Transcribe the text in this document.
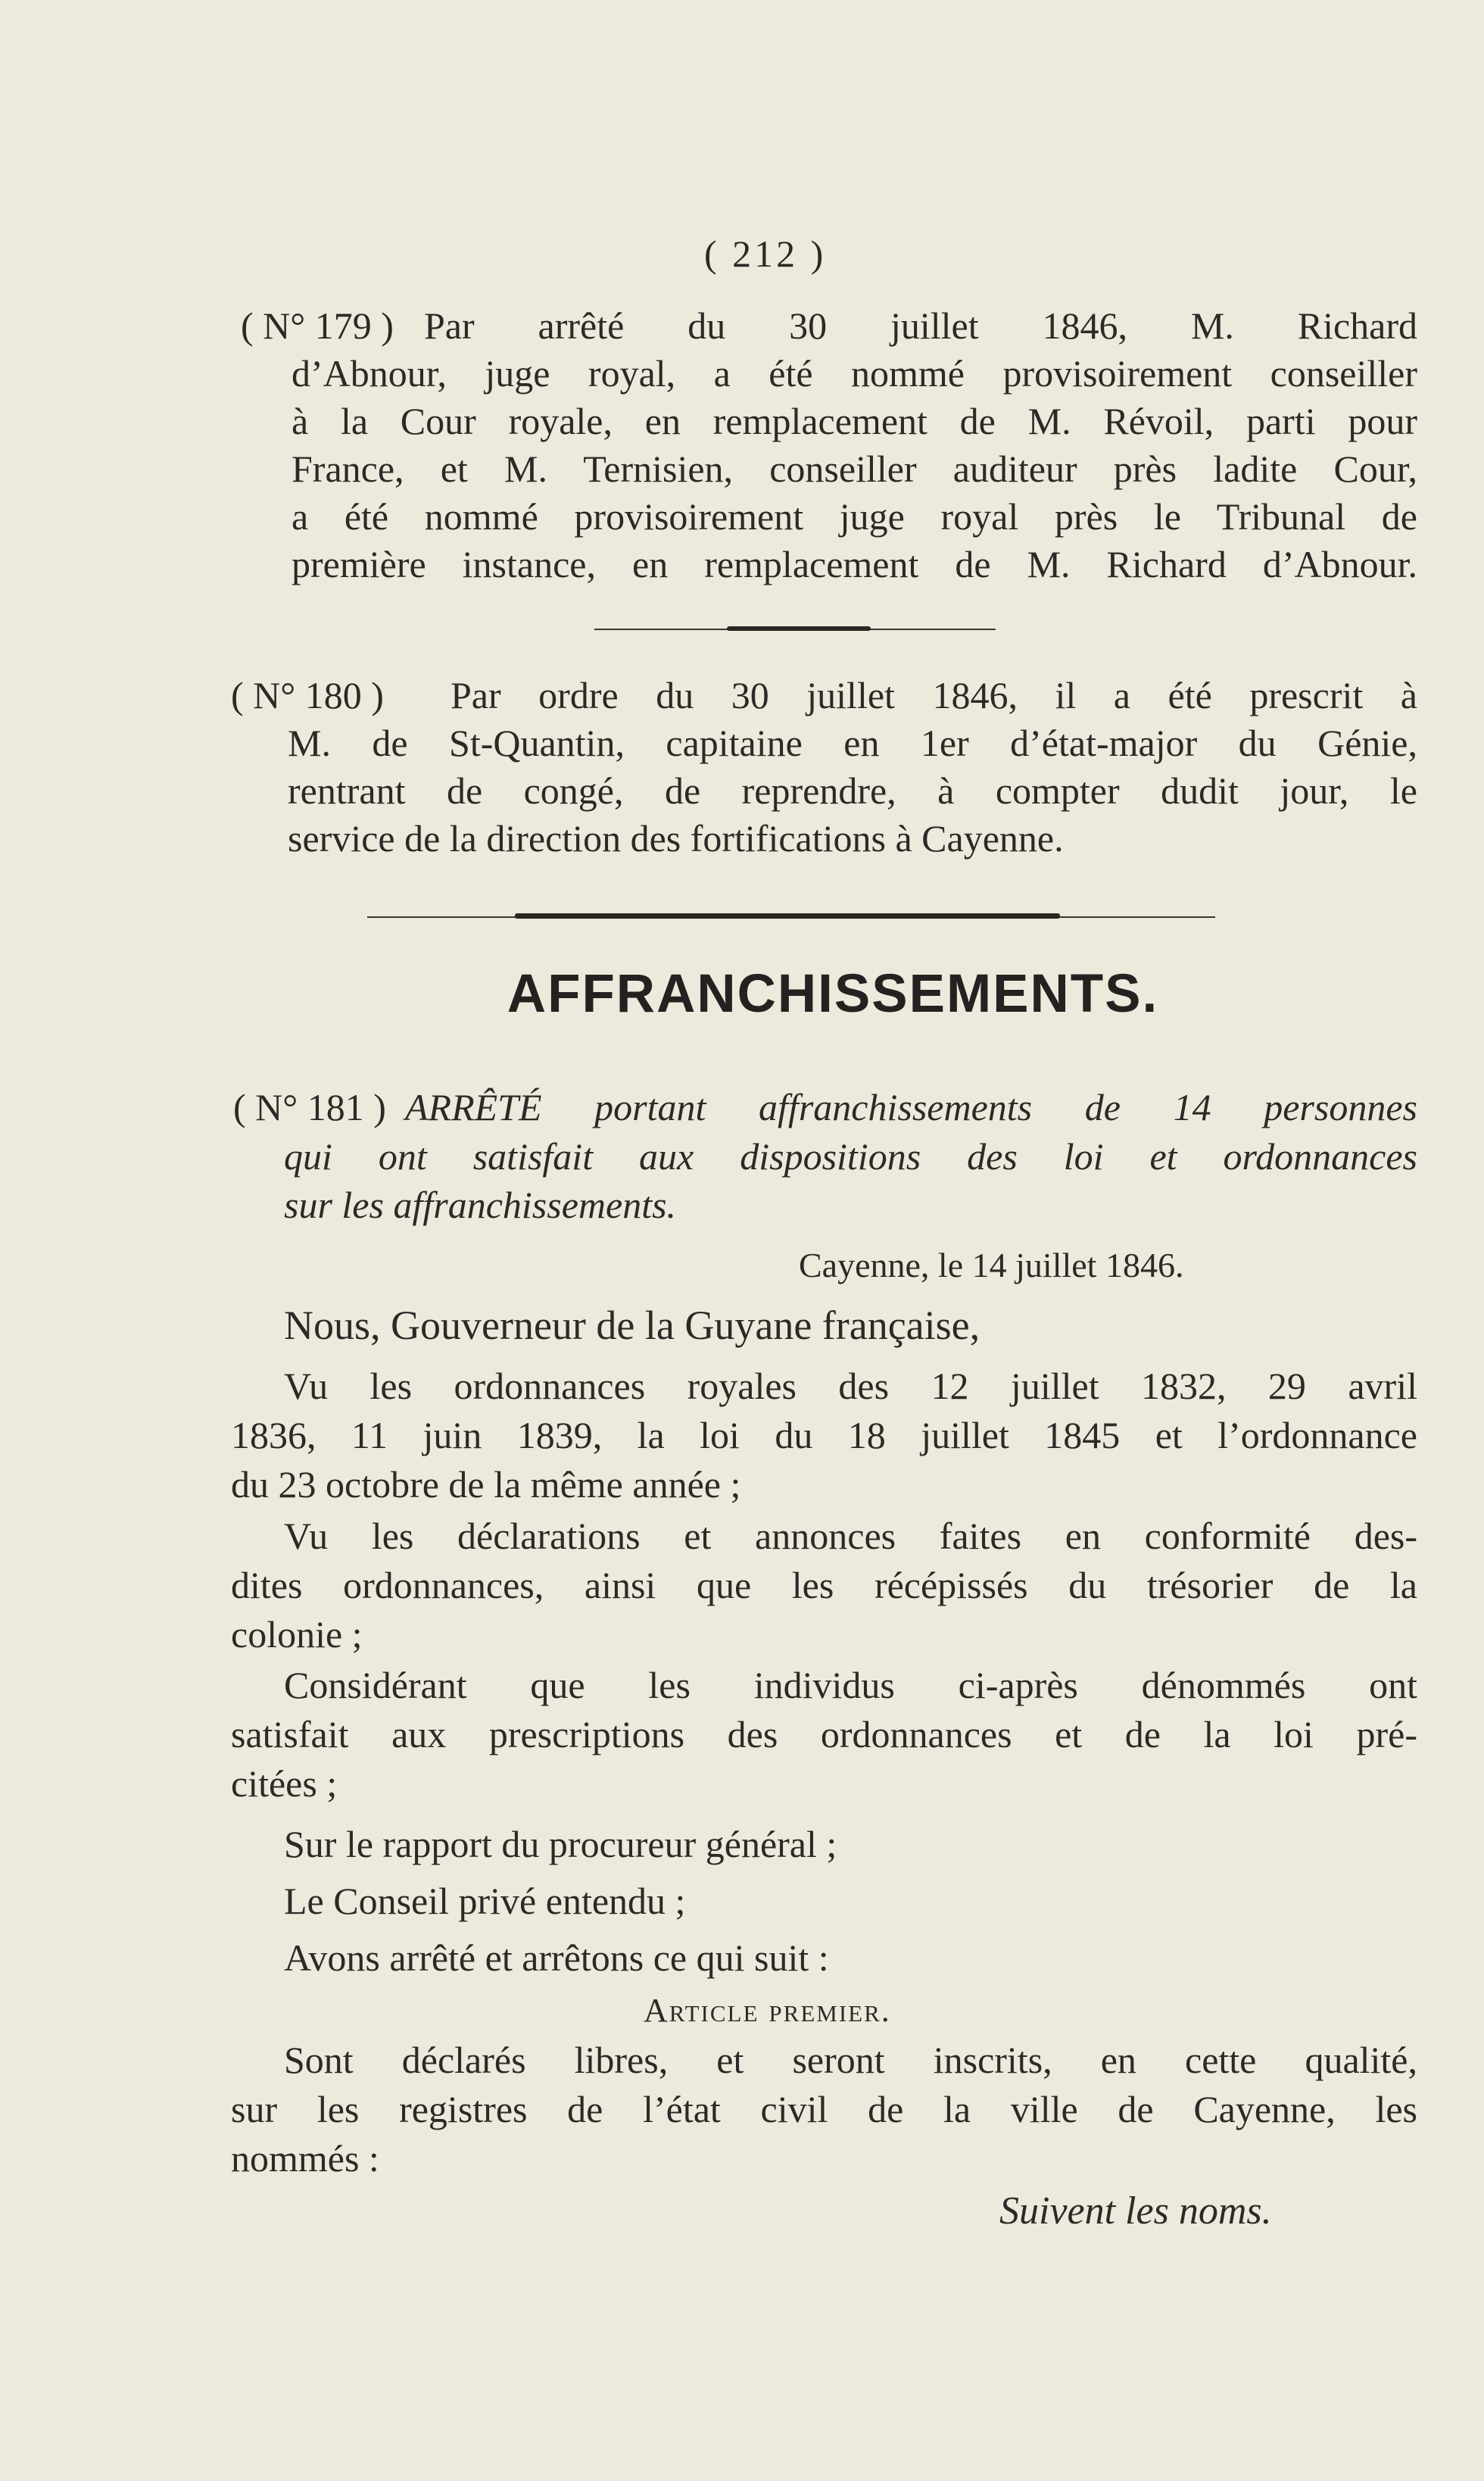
( 212 )
( N° 179 ) Par arrêté du 30 juillet 1846, M. Richard
d’Abnour, juge royal, a été nommé provisoirement conseiller
à la Cour royale, en remplacement de M. Révoil, parti pour
France, et M. Ternisien, conseiller auditeur près ladite Cour,
a été nommé provisoirement juge royal près le Tribunal de
première instance, en remplacement de M. Richard d’Abnour.
( N° 180 )	Par ordre du 30 juillet 1846, il a été prescrit à
M. de St-Quantin, capitaine en 1er d’état-major du Génie,
rentrant de congé, de reprendre, à compter dudit jour, le
service de la direction des fortifications à Cayenne.
AFFRANCHISSEMENTS.
( N° 181 ) ARRÊTÉ portant affranchissements de 14 personnes
qui ont satisfait aux dispositions des loi et ordonnances
sur les affranchissements.
Cayenne, le 14 juillet 1846.
Nous, Gouverneur de la Guyane française,
Vu les ordonnances royales des 12 juillet 1832, 29 avril
1836, 11 juin 1839, la loi du 18 juillet 1845 et l’ordonnance
du 23 octobre de la même année ;
Vu les déclarations et annonces faites en conformité des-
dites ordonnances, ainsi que les récépissés du trésorier de la
colonie ;
Considérant que les individus ci-après dénommés ont
satisfait aux prescriptions des ordonnances et de la loi pré-
citées ;
Sur le rapport du procureur général ;
Le Conseil privé entendu ;
Avons arrêté et arrêtons ce qui suit :
Article premier.
Sont déclarés libres, et seront inscrits, en cette qualité,
sur les registres de l’état civil de la ville de Cayenne, les
nommés :
Suivent les noms.
